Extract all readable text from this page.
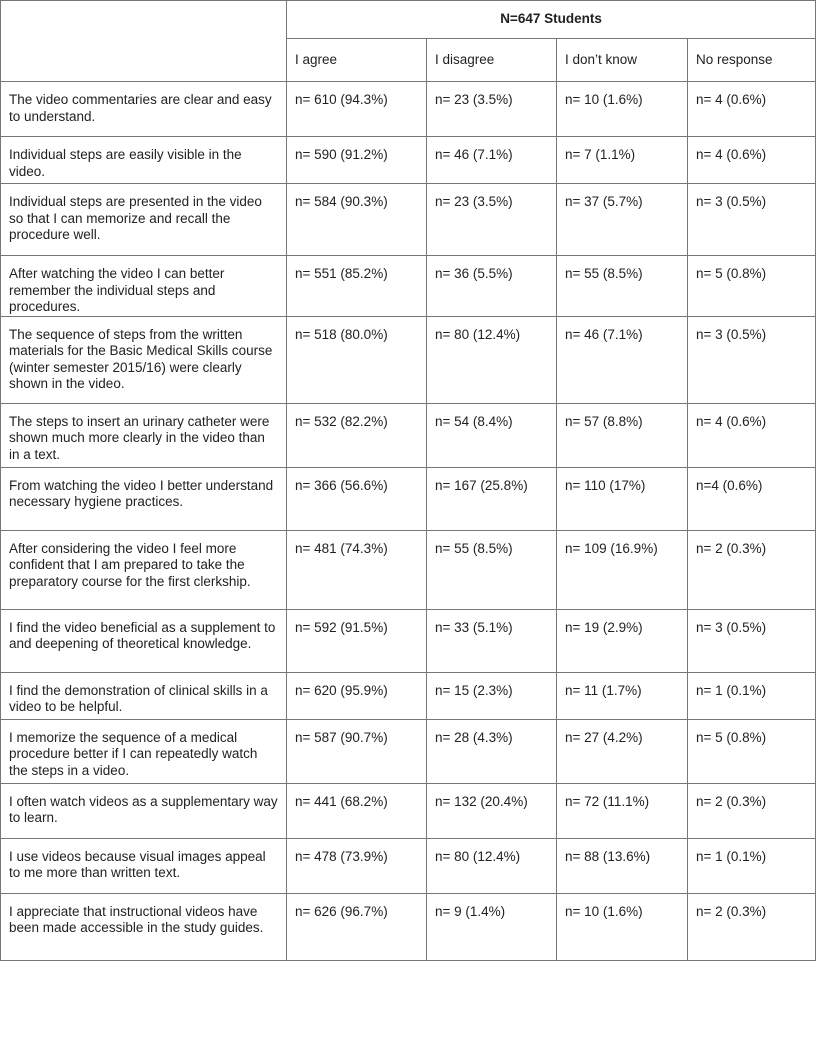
	N=647 Students			
	I agree	I disagree	I don’t know	No response
The video commentaries are clear and easy to understand.	n= 610 (94.3%)	n= 23 (3.5%)	n= 10 (1.6%)	n= 4 (0.6%)
Individual steps are easily visible in the video.	n= 590 (91.2%)	n= 46 (7.1%)	n= 7 (1.1%)	n= 4 (0.6%)
Individual steps are presented in the video so that I can memorize and recall the procedure well.	n= 584 (90.3%)	n= 23 (3.5%)	n= 37 (5.7%)	n= 3 (0.5%)
After watching the video I can better remember the individual steps and procedures.	n= 551 (85.2%)	n= 36 (5.5%)	n= 55 (8.5%)	n= 5 (0.8%)
The sequence of steps from the written materials for the Basic Medical Skills course (winter semester 2015/16) were clearly shown in the video.	n= 518 (80.0%)	n= 80 (12.4%)	n= 46 (7.1%)	n= 3 (0.5%)
The steps to insert an urinary catheter were shown much more clearly in the video than in a text.	n= 532 (82.2%)	n= 54 (8.4%)	n= 57 (8.8%)	n= 4 (0.6%)
From watching the video I better understand necessary hygiene practices.	n= 366 (56.6%)	n= 167 (25.8%)	n= 110 (17%)	n=4 (0.6%)
After considering the video I feel more confident that I am prepared to take the preparatory course for the first clerkship.	n= 481 (74.3%)	n= 55 (8.5%)	n= 109 (16.9%)	n= 2 (0.3%)
I find the video beneficial as a supplement to and deepening of theoretical knowledge.	n= 592 (91.5%)	n= 33 (5.1%)	n= 19 (2.9%)	n= 3 (0.5%)
I find the demonstration of clinical skills in a video to be helpful.	n= 620 (95.9%)	n= 15 (2.3%)	n= 11 (1.7%)	n= 1 (0.1%)
I memorize the sequence of a medical procedure better if I can repeatedly watch the steps in a video.	n= 587 (90.7%)	n= 28 (4.3%)	n= 27 (4.2%)	n= 5 (0.8%)
I often watch videos as a supplementary way to learn.	n= 441 (68.2%)	n= 132 (20.4%)	n= 72 (11.1%)	n= 2 (0.3%)
I use videos because visual images appeal to me more than written text.	n= 478 (73.9%)	n= 80 (12.4%)	n= 88 (13.6%)	n= 1 (0.1%)
I appreciate that instructional videos have been made accessible in the study guides.	n= 626 (96.7%)	n= 9 (1.4%)	n= 10 (1.6%)	n= 2 (0.3%)
